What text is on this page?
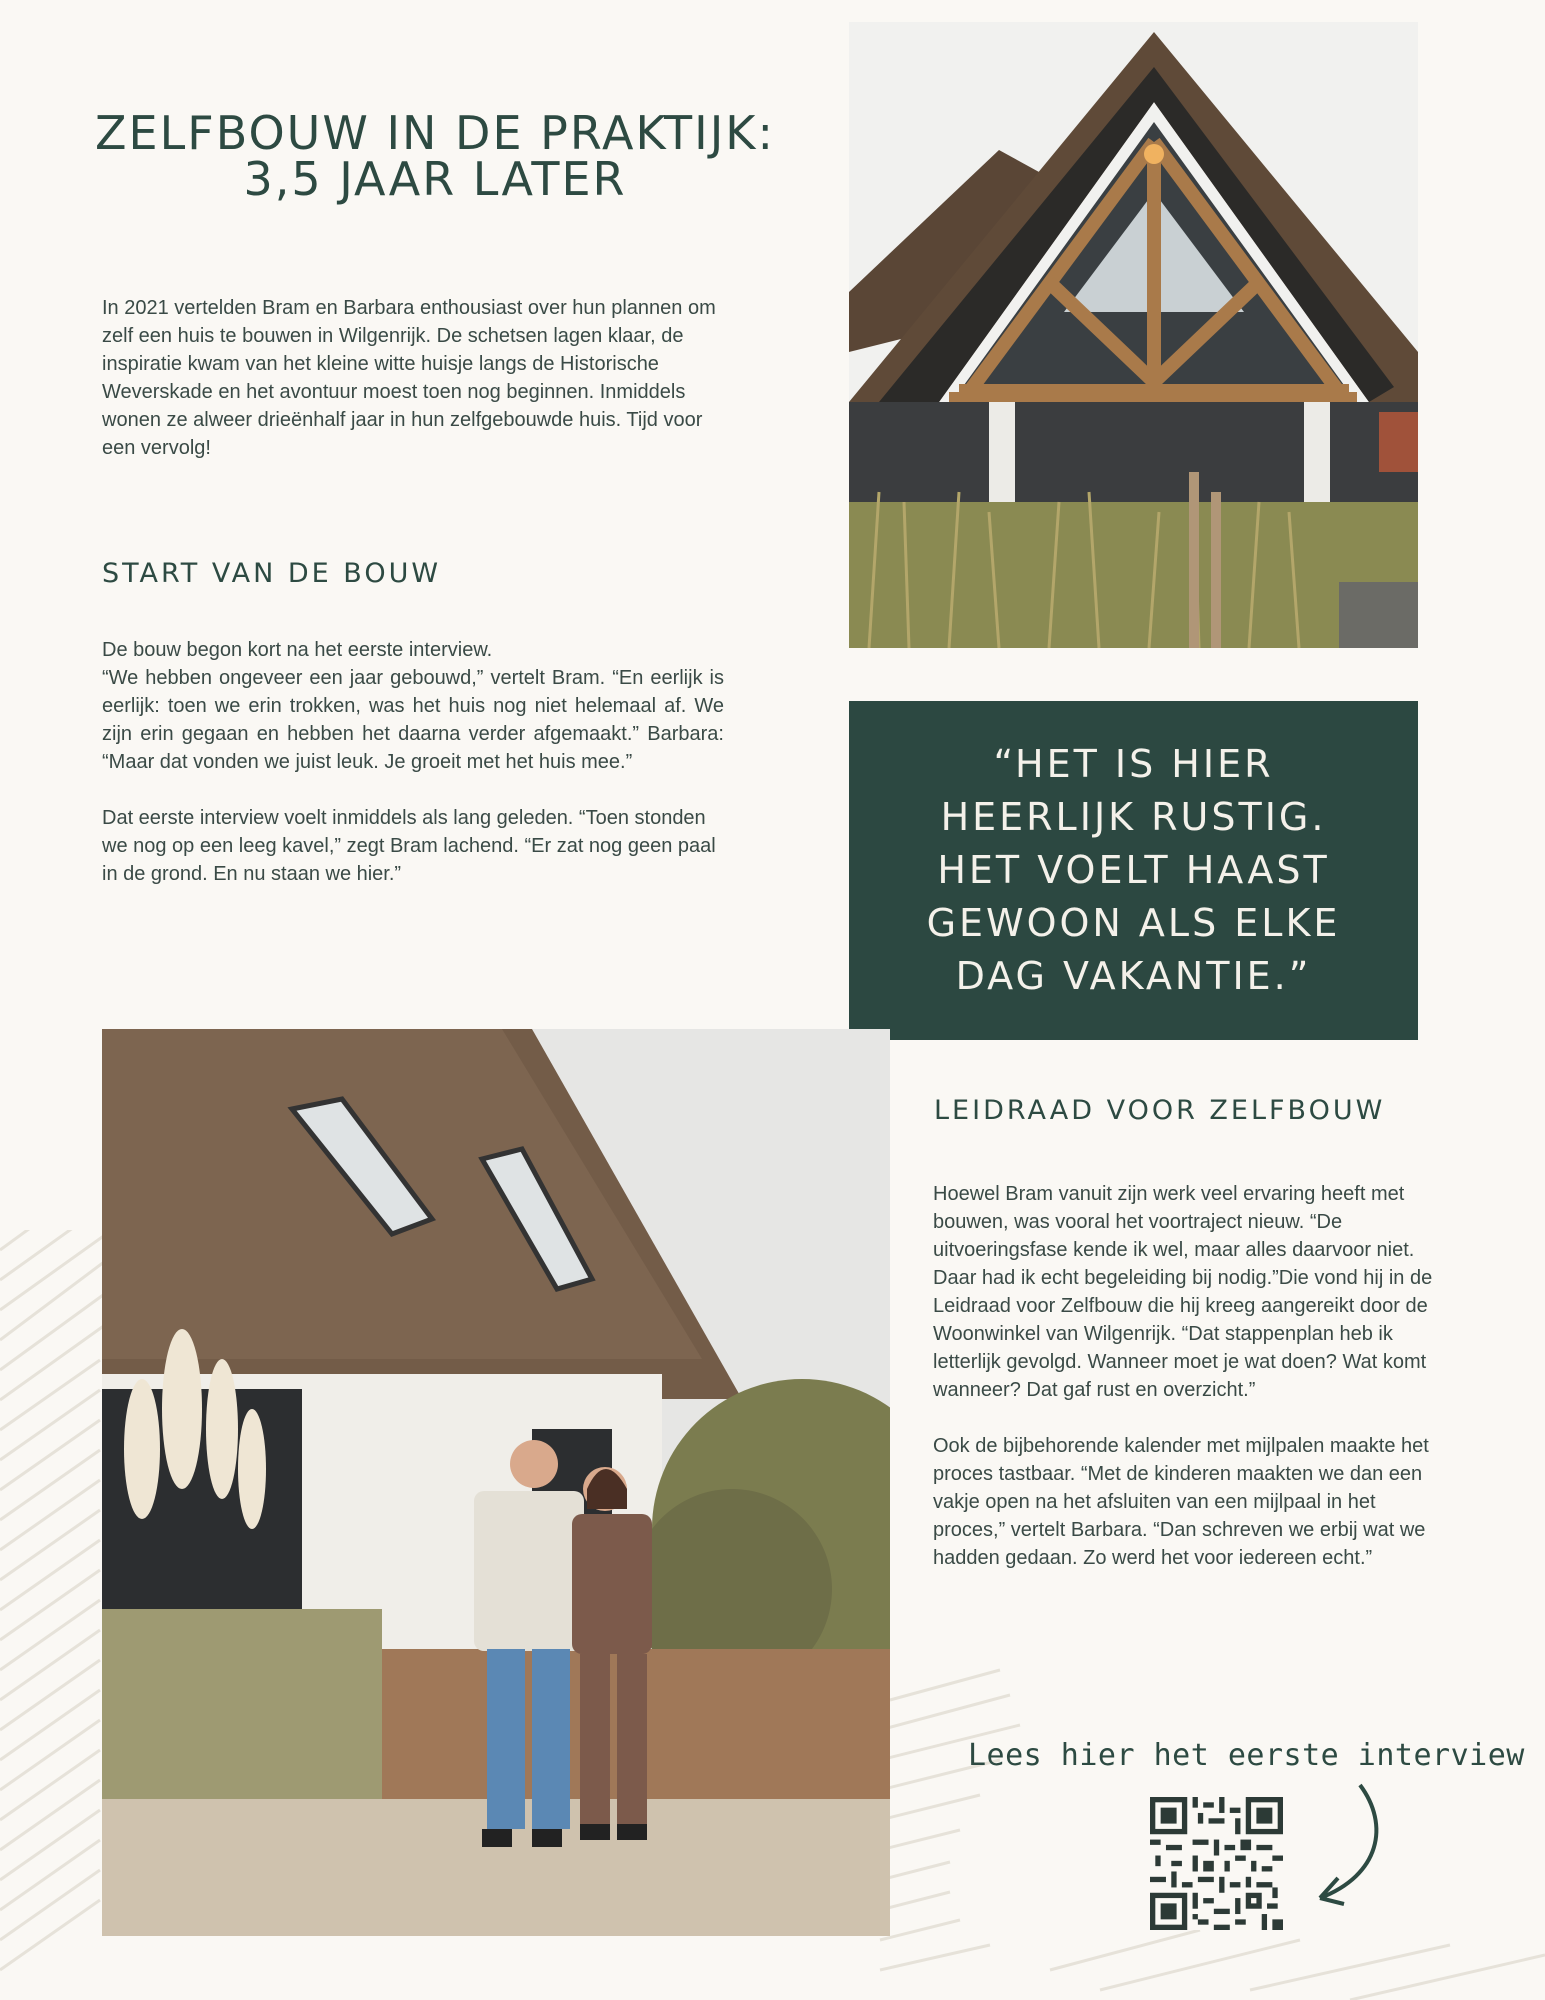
ZELFBOUW IN DE PRAKTIJK:
3,5 JAAR LATER

In 2021 vertelden Bram en Barbara enthousiast over hun plannen om zelf een huis te bouwen in Wilgenrijk. De schetsen lagen klaar, de inspiratie kwam van het kleine witte huisje langs de Historische Weverskade en het avontuur moest toen nog beginnen. Inmiddels wonen ze alweer drieënhalf jaar in hun zelfgebouwde huis. Tijd voor een vervolg!

START VAN DE BOUW

De bouw begon kort na het eerste interview.

“We hebben ongeveer een jaar gebouwd,” vertelt Bram. “En eerlijk is eerlijk: toen we erin trokken, was het huis nog niet helemaal af. We zijn erin gegaan en hebben het daarna verder afgemaakt.” Barbara: “Maar dat vonden we juist leuk. Je groeit met het huis mee.”

Dat eerste interview voelt inmiddels als lang geleden. “Toen stonden we nog op een leeg kavel,” zegt Bram lachend. “Er zat nog geen paal in de grond. En nu staan we hier.”

“HET IS HIER HEERLIJK RUSTIG. HET VOELT HAAST GEWOON ALS ELKE DAG VAKANTIE.”
LEIDRAAD VOOR ZELFBOUW

Hoewel Bram vanuit zijn werk veel ervaring heeft met bouwen, was vooral het voortraject nieuw. “De uitvoeringsfase kende ik wel, maar alles daarvoor niet. Daar had ik echt begeleiding bij nodig.”Die vond hij in de Leidraad voor Zelfbouw die hij kreeg aangereikt door de Woonwinkel van Wilgenrijk. “Dat stappenplan heb ik letterlijk gevolgd. Wanneer moet je wat doen? Wat komt wanneer? Dat gaf rust en overzicht.”

Ook de bijbehorende kalender met mijlpalen maakte het proces tastbaar. “Met de kinderen maakten we dan een vakje open na het afsluiten van een mijlpaal in het proces,” vertelt Barbara. “Dan schreven we erbij wat we hadden gedaan. Zo werd het voor iedereen echt.”

Lees hier het eerste interview
